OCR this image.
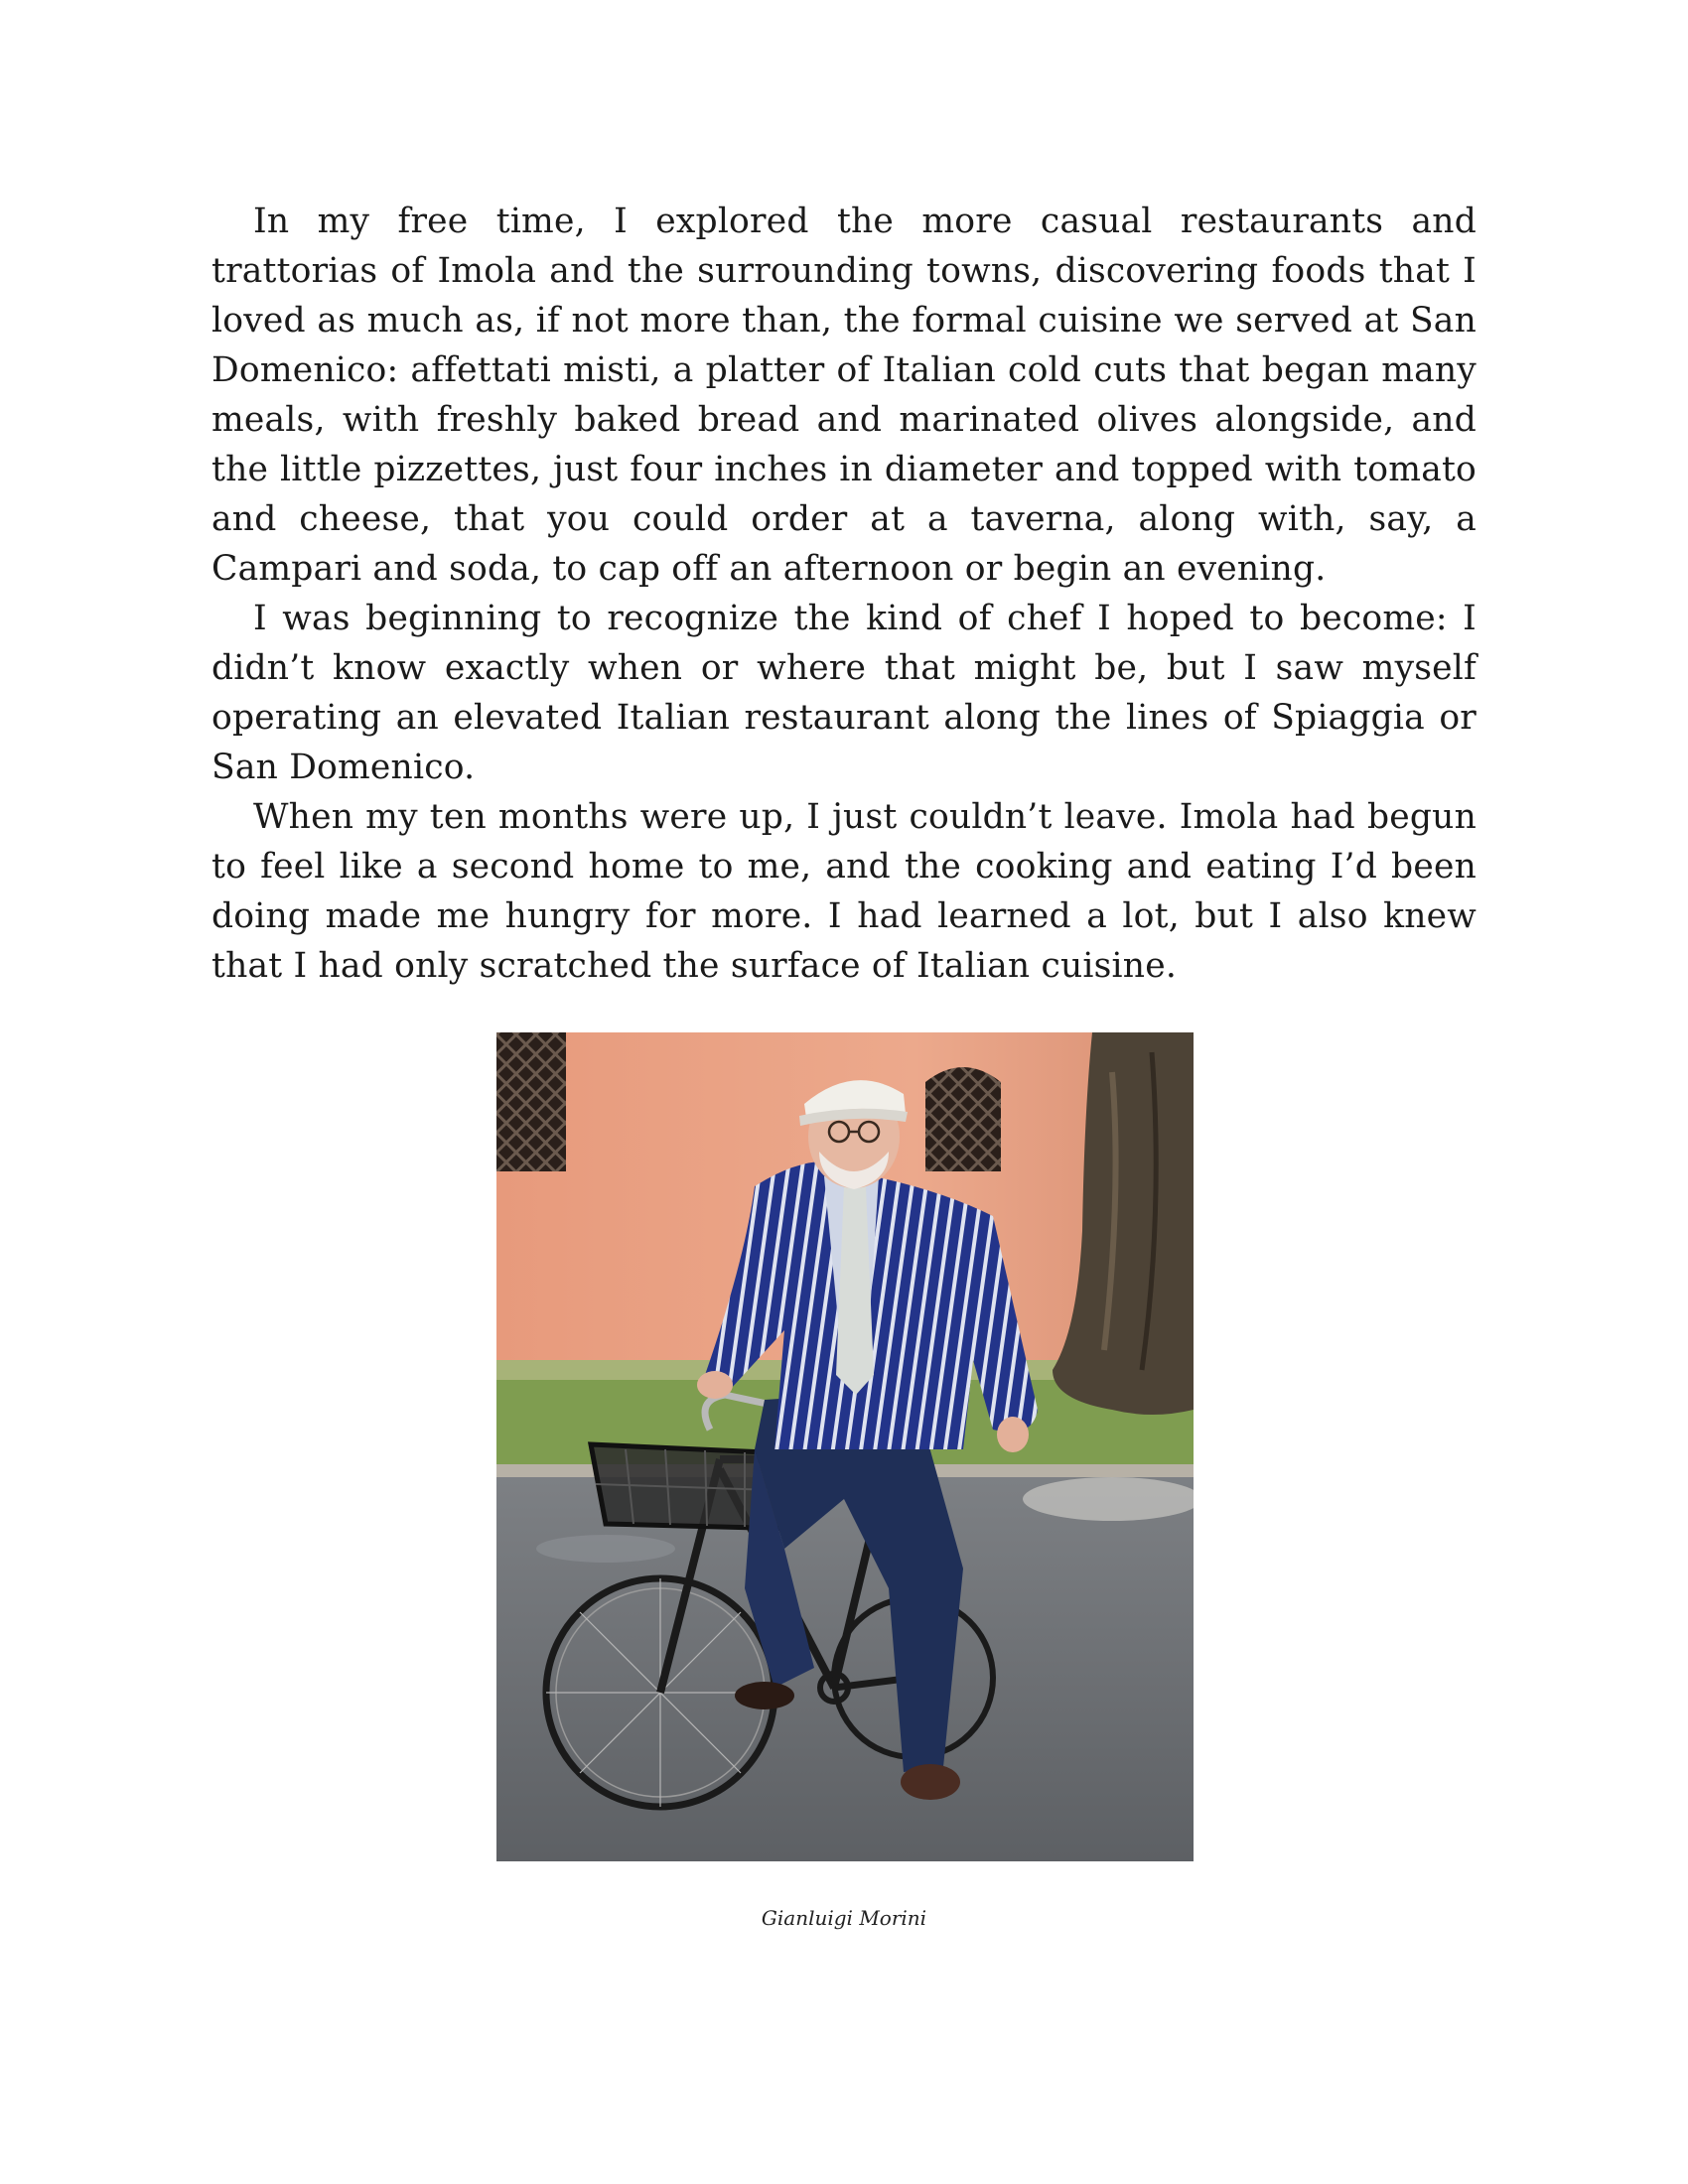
In my free time, I explored the more casual restaurants and trattorias of Imola and the surrounding towns, discovering foods that I loved as much as, if not more than, the formal cuisine we served at San Domenico: affettati misti, a platter of Italian cold cuts that began many meals, with freshly baked bread and marinated olives alongside, and the little pizzettes, just four inches in diameter and topped with tomato and cheese, that you could order at a taverna, along with, say, a Campari and soda, to cap off an afternoon or begin an evening.

I was beginning to recognize the kind of chef I hoped to become: I didn’t know exactly when or where that might be, but I saw myself operating an elevated Italian restaurant along the lines of Spiaggia or San Domenico.

When my ten months were up, I just couldn’t leave. Imola had begun to feel like a second home to me, and the cooking and eating I’d been doing made me hungry for more. I had learned a lot, but I also knew that I had only scratched the surface of Italian cuisine.

Gianluigi Morini
